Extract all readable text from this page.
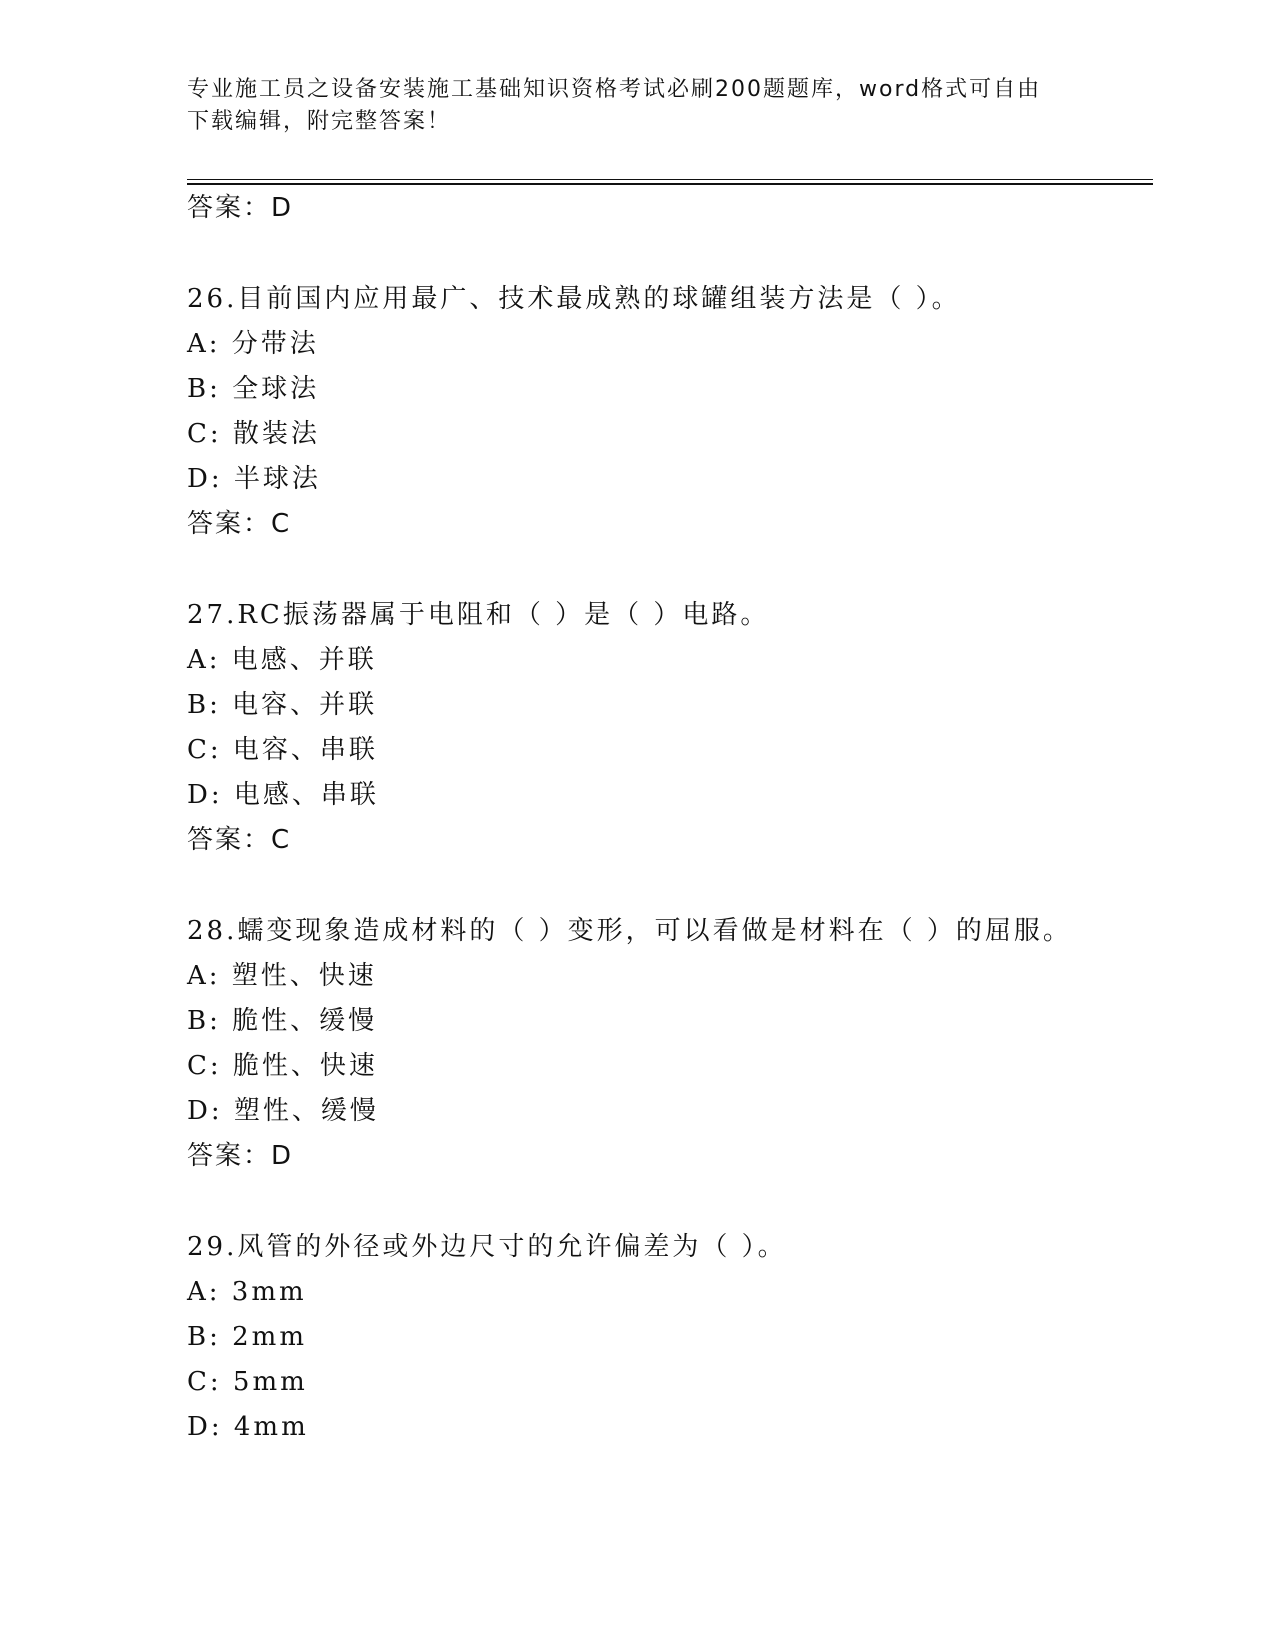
专业施工员之设备安装施工基础知识资格考试必刷200题题库，word格式可自由
下载编辑，附完整答案！
答案：D
26.目前国内应用最广、技术最成熟的球罐组装方法是（ ）。
A: 分带法
B: 全球法
C: 散装法
D: 半球法
答案：C
27.RC振荡器属于电阻和（ ）是（ ）电路。
A: 电感、并联
B: 电容、并联
C: 电容、串联
D: 电感、串联
答案：C
28.蠕变现象造成材料的（ ）变形，可以看做是材料在（ ）的屈服。
A: 塑性、快速
B: 脆性、缓慢
C: 脆性、快速
D: 塑性、缓慢
答案：D
29.风管的外径或外边尺寸的允许偏差为（ ）。
A: 3mm
B: 2mm
C: 5mm
D: 4mm
